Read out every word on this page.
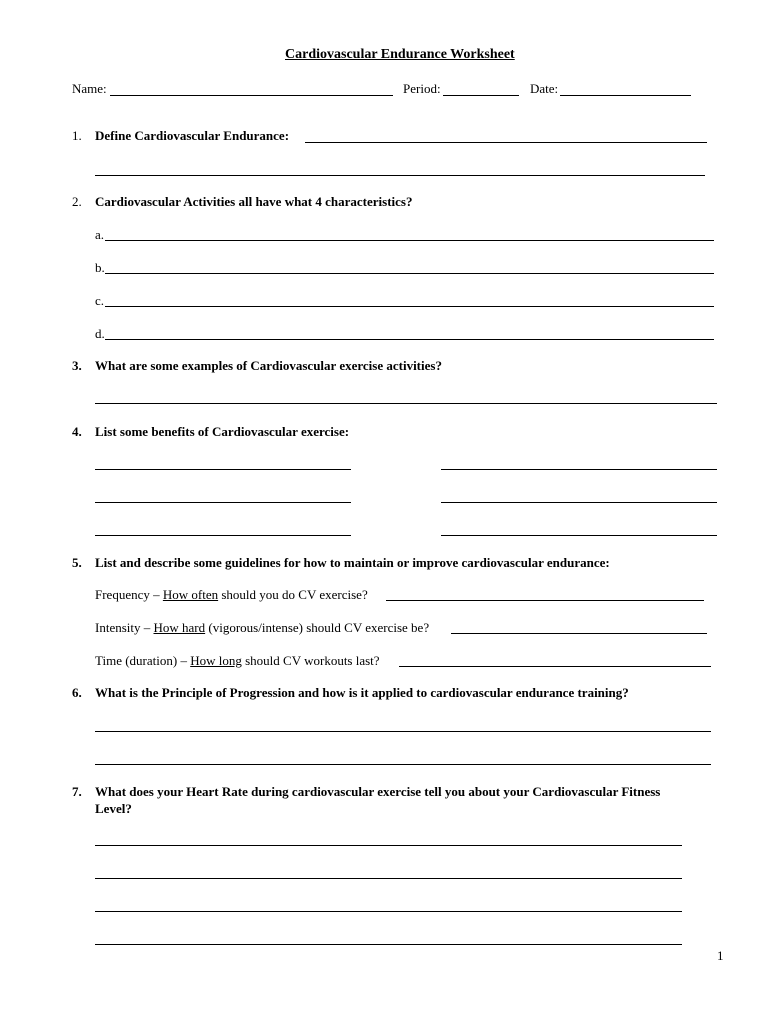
Cardiovascular Endurance Worksheet
Name:	Period:	Date:
1. Define Cardiovascular Endurance:
2. Cardiovascular Activities all have what 4 characteristics?
a.
b.
c.
d.
3. What are some examples of Cardiovascular exercise activities?
4. List some benefits of Cardiovascular exercise:
5. List and describe some guidelines for how to maintain or improve cardiovascular endurance:
Frequency – How often should you do CV exercise?
Intensity – How hard (vigorous/intense) should CV exercise be?
Time (duration) – How long should CV workouts last?
6. What is the Principle of Progression and how is it applied to cardiovascular endurance training?
7. What does your Heart Rate during cardiovascular exercise tell you about your Cardiovascular Fitness
Level?
1
